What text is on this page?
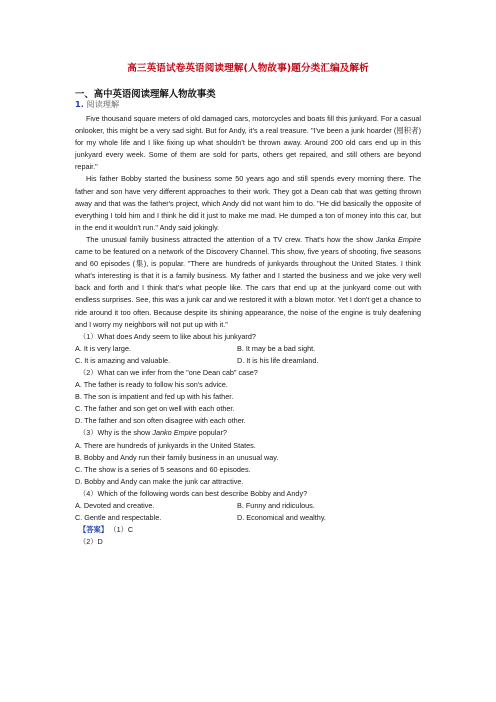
高三英语试卷英语阅读理解(人物故事)题分类汇编及解析
一、高中英语阅读理解人物故事类
1. 阅读理解

Five thousand square meters of old damaged cars, motorcycles and boats fill this junkyard. For a casual onlooker, this might be a very sad sight. But for Andy, it's a real treasure. "I've been a junk hoarder (囤积者) for my whole life and I like fixing up what shouldn't be thrown away. Around 200 old cars end up in this junkyard every week. Some of them are sold for parts, others get repaired, and still others are beyond repair."

His father Bobby started the business some 50 years ago and still spends every morning there. The father and son have very different approaches to their work. They got a Dean cab that was getting thrown away and that was the father's project, which Andy did not want him to do. "He did basically the opposite of everything I told him and I think he did it just to make me mad. He dumped a ton of money into this car, but in the end it wouldn't run." Andy said jokingly.

The unusual family business attracted the attention of a TV crew. That's how the show Janka Empire came to be featured on a network of the Discovery Channel. This show, five years of shooting, five seasons and 60 episodes (集), is popular. "There are hundreds of junkyards throughout the United States. I think what's interesting is that it is a family business. My father and I started the business and we joke very well back and forth and I think that's what people like. The cars that end up at the junkyard come out with endless surprises. See, this was a junk car and we restored it with a blown motor. Yet I don't get a chance to ride around it too often. Because despite its shining appearance, the noise of the engine is truly deafening and I worry my neighbors will not put up with it."

（1）What does Andy seem to like about his junkyard?

A. It is very large.	B. It may be a bad sight.

C. It is amazing and valuable.	D. It is his life dreamland.

（2）What can we infer from the "one Dean cab" case?

A. The father is ready to follow his son's advice.

B. The son is impatient and fed up with his father.

C. The father and son get on well with each other.

D. The father and son often disagree with each other.

（3）Why is the show Janko Empire popular?

A. There are hundreds of junkyards in the United States.

B. Bobby and Andy run their family business in an unusual way.

C. The show is a series of 5 seasons and 60 episodes.

D. Bobby and Andy can make the junk car attractive.

（4）Which of the following words can best describe Bobby and Andy?

A. Devoted and creative.	B. Funny and ridiculous.

C. Gentle and respectable.	D. Economical and wealthy.

【答案】 （1）C

（2）D
